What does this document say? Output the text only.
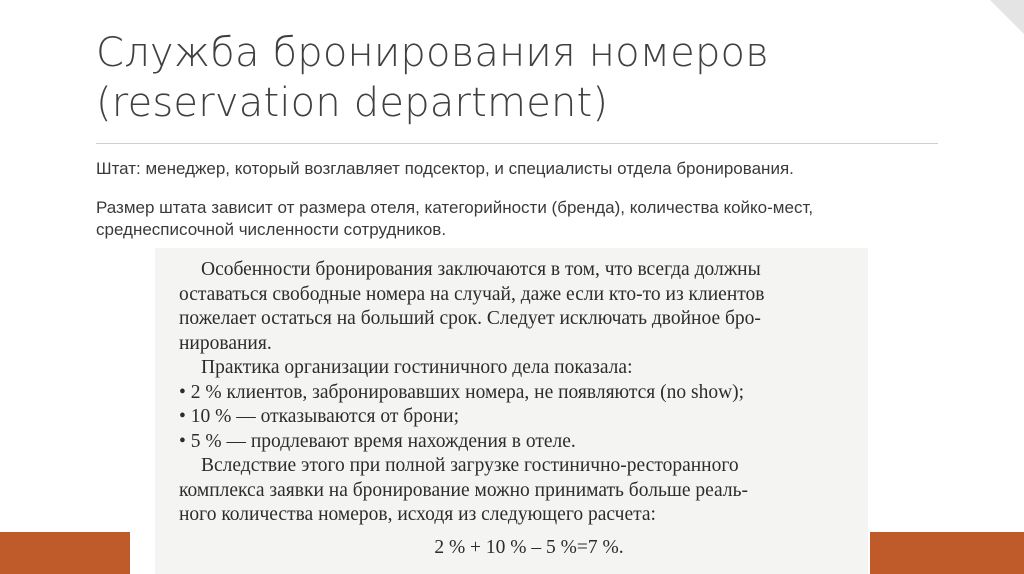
Служба бронирования номеров
(reservation department)
Штат: менеджер, который возглавляет подсектор, и специалисты отдела бронирования.
Размер штата зависит от размера отеля, категорийности (бренда), количества койко-мест, среднесписочной численности сотрудников.
Особенности бронирования заключаются в том, что всегда должны
оставаться свободные номера на случай, даже если кто-то из клиентов
пожелает остаться на больший срок. Следует исключать двойное бро-
нирования.
Практика организации гостиничного дела показала:
• 2 % клиентов, забронировавших номера, не появляются (no show);
• 10 % — отказываются от брони;
• 5 % — продлевают время нахождения в отеле.
Вследствие этого при полной загрузке гостинично-ресторанного
комплекса заявки на бронирование можно принимать больше реаль-
ного количества номеров, исходя из следующего расчета:
2 % + 10 % – 5 %=7 %.
